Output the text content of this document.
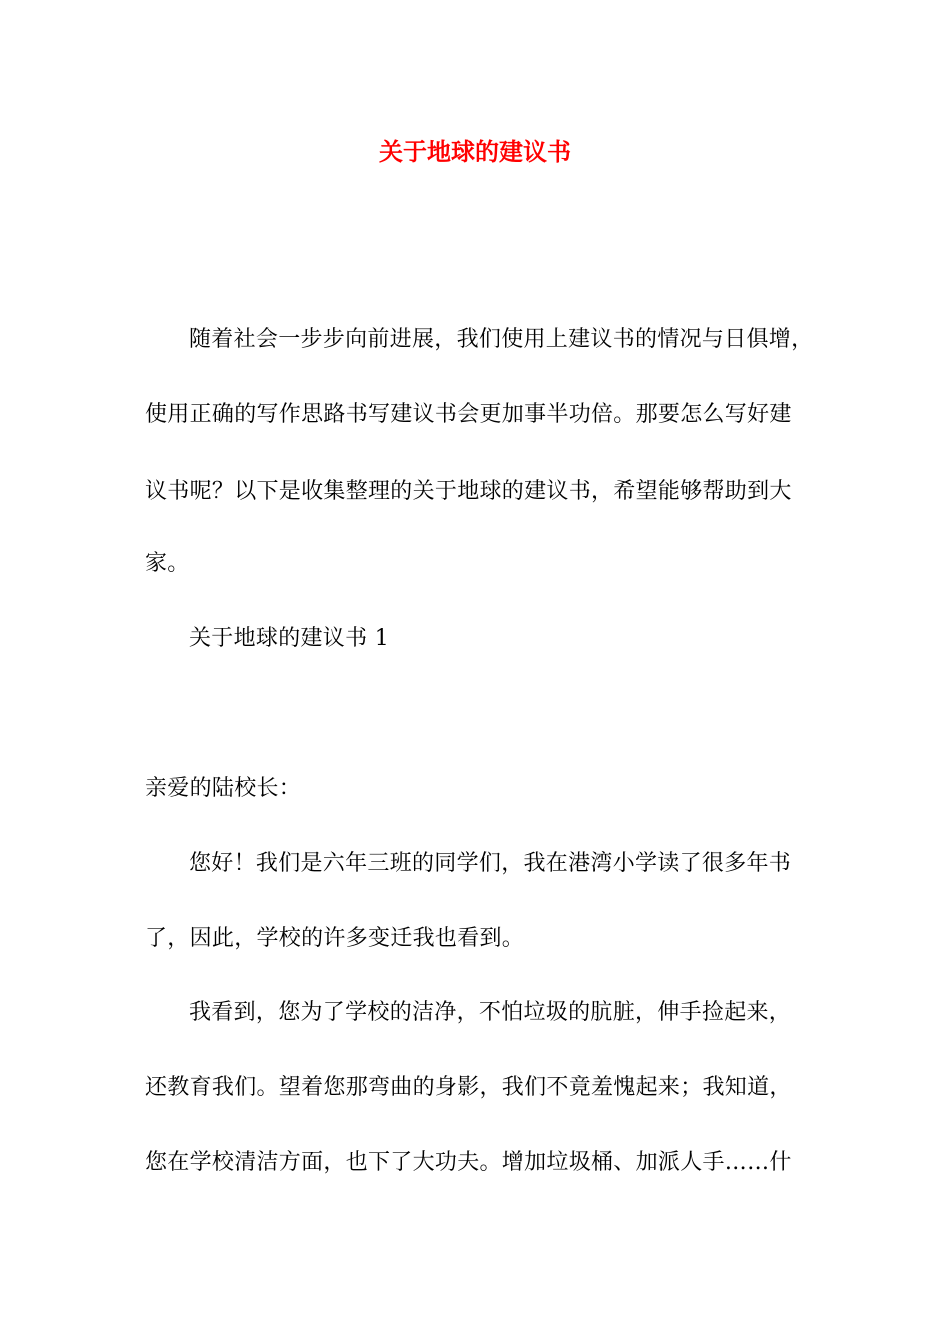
关于地球的建议书
随着社会一步步向前进展，我们使用上建议书的情况与日俱增，
使用正确的写作思路书写建议书会更加事半功倍。那要怎么写好建
议书呢？以下是收集整理的关于地球的建议书，希望能够帮助到大
家。
关于地球的建议书 1
亲爱的陆校长：
您好！我们是六年三班的同学们，我在港湾小学读了很多年书
了，因此，学校的许多变迁我也看到。
我看到，您为了学校的洁净，不怕垃圾的肮脏，伸手捡起来，
还教育我们。望着您那弯曲的身影，我们不竟羞愧起来；我知道，
您在学校清洁方面，也下了大功夫。增加垃圾桶、加派人手……什
